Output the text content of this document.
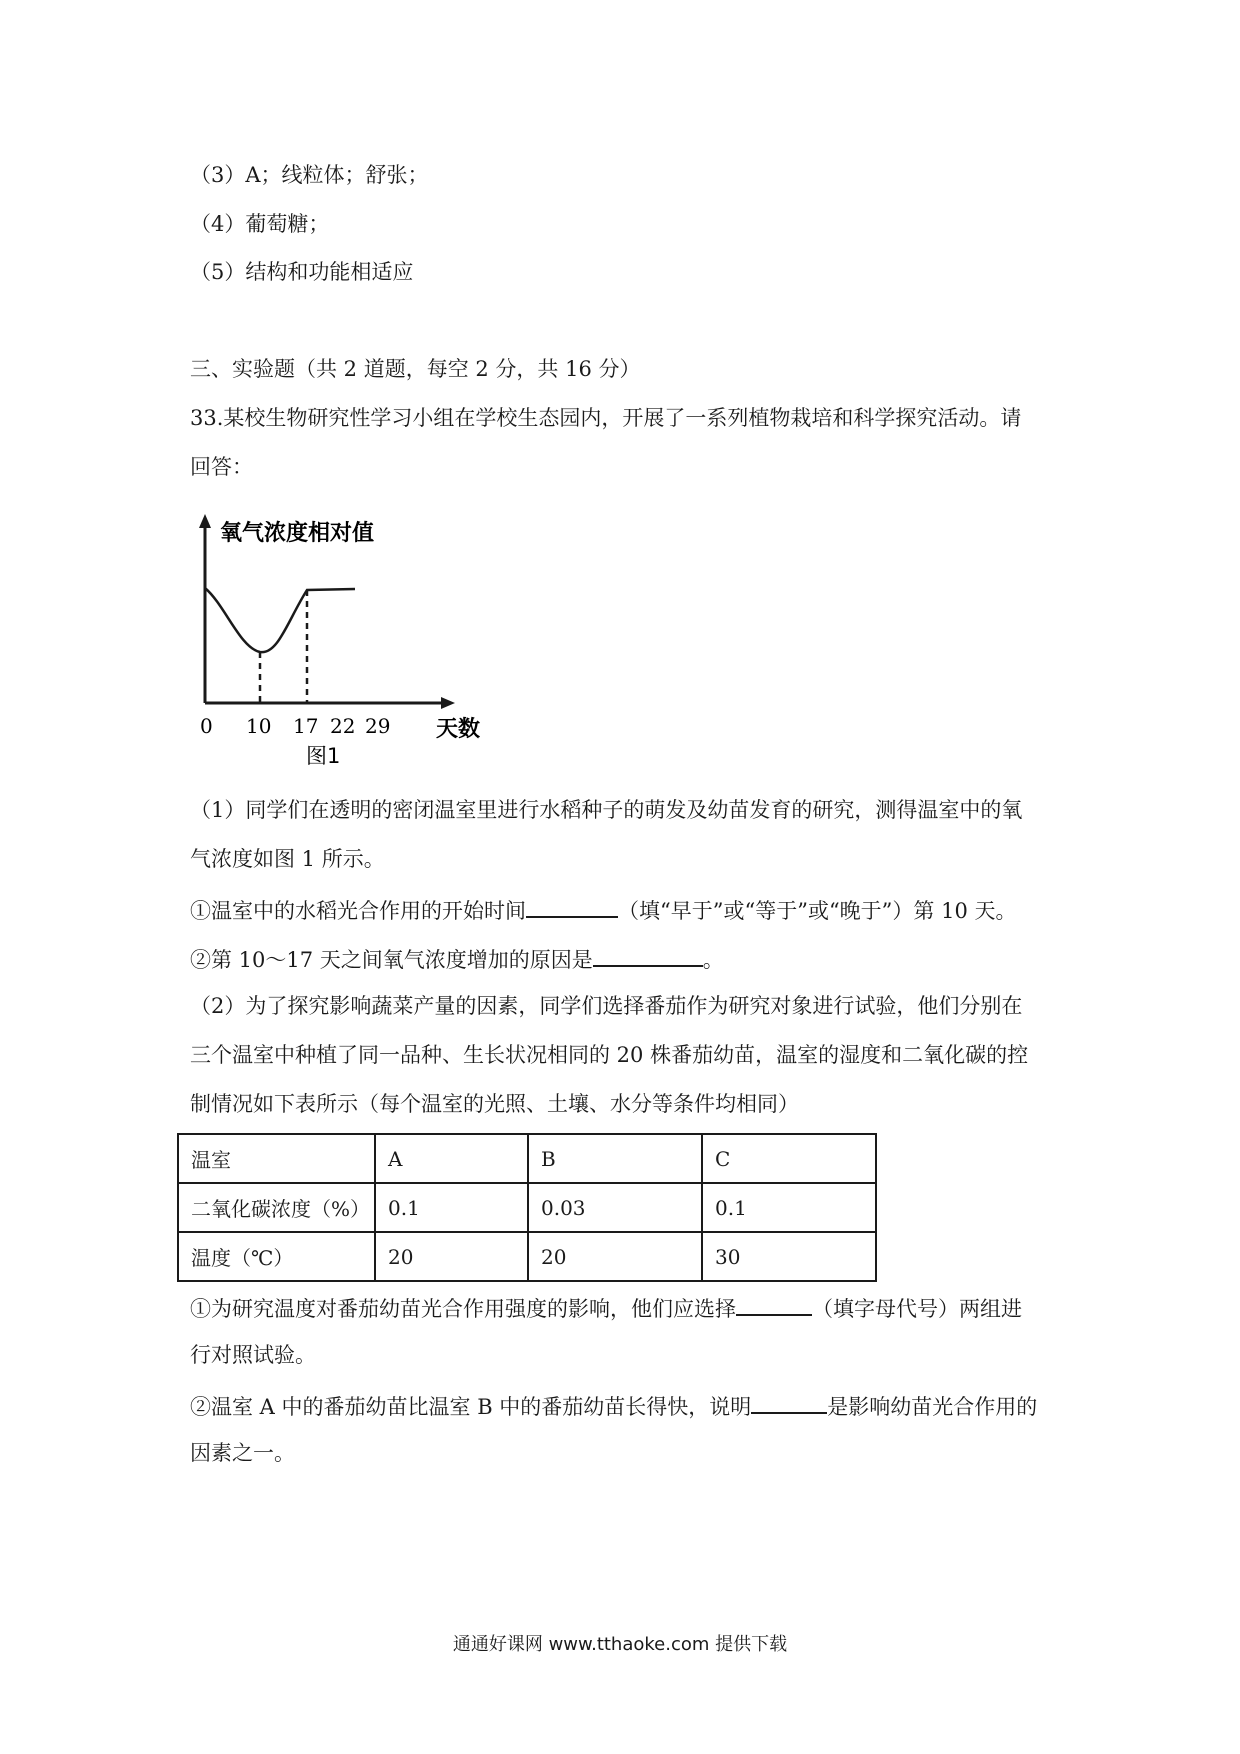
（3）A；线粒体；舒张；
（4）葡萄糖；
（5）结构和功能相适应
三、实验题（共 2 道题，每空 2 分，共 16 分）
33.某校生物研究性学习小组在学校生态园内，开展了一系列植物栽培和科学探究活动。请
回答：
氧气浓度相对值
0 10 17 22 29 天数
图1
（1）同学们在透明的密闭温室里进行水稻种子的萌发及幼苗发育的研究，测得温室中的氧
气浓度如图 1 所示。
①温室中的水稻光合作用的开始时间	（填“早于”或“等于”或“晚于”）第 10 天。
②第 10～17 天之间氧气浓度增加的原因是	。
（2）为了探究影响蔬菜产量的因素，同学们选择番茄作为研究对象进行试验，他们分别在
三个温室中种植了同一品种、生长状况相同的 20 株番茄幼苗，温室的湿度和二氧化碳的控
制情况如下表所示（每个温室的光照、土壤、水分等条件均相同）
温室	A	B	C
二氧化碳浓度（%）	0.1	0.03	0.1
温度（℃）	20	20	30
①为研究温度对番茄幼苗光合作用强度的影响，他们应选择	（填字母代号）两组进
行对照试验。
②温室 A 中的番茄幼苗比温室 B 中的番茄幼苗长得快，说明	是影响幼苗光合作用的
因素之一。
通通好课网 www.tthaoke.com 提供下载
